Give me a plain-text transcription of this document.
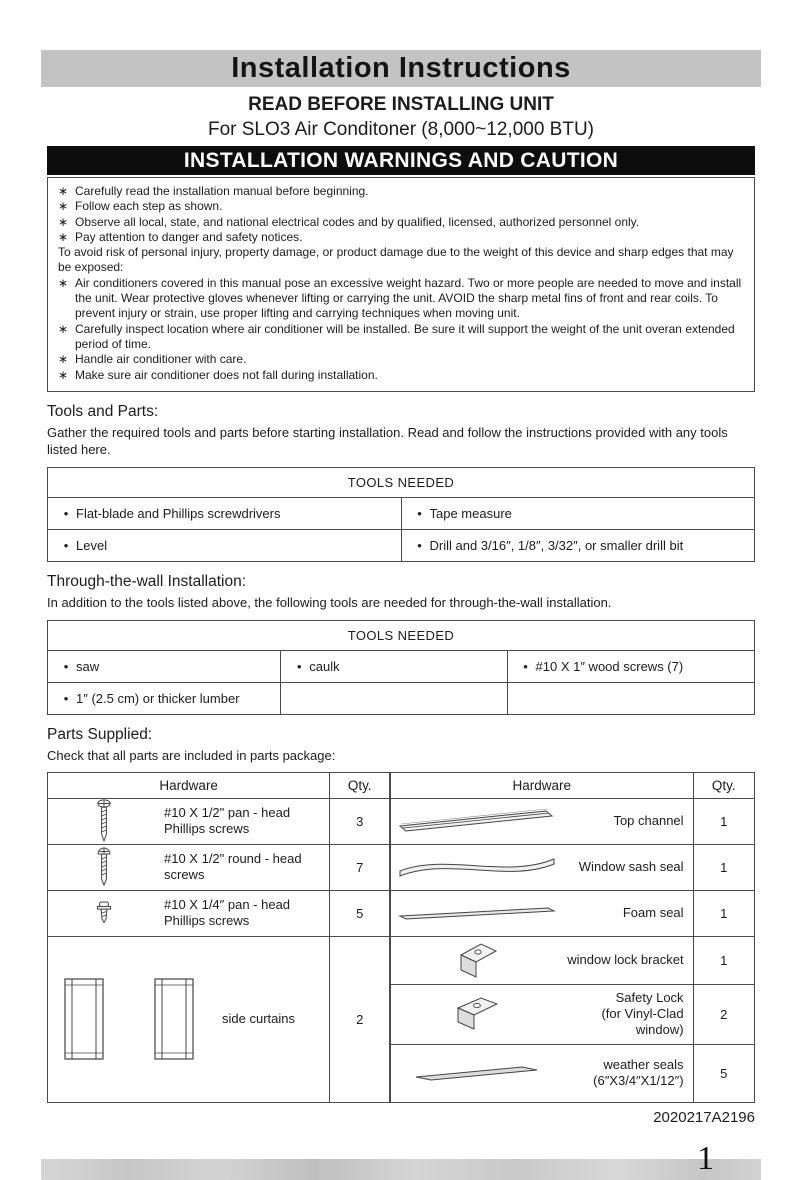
Installation Instructions
READ BEFORE INSTALLING UNIT
For SLO3 Air Conditoner (8,000~12,000 BTU)
INSTALLATION WARNINGS AND CAUTION
∗ Carefully read the installation manual before beginning.
∗ Follow each step as shown.
∗ Observe all local, state, and national electrical codes and by qualified, licensed, authorized personnel only.
∗ Pay attention to danger and safety notices.
To avoid risk of personal injury, property damage, or product damage due to the weight of this device and sharp edges that may be exposed:
∗ Air conditioners covered in this manual pose an excessive weight hazard. Two or more people are needed to move and install the unit. Wear protective gloves whenever lifting or carrying the unit. AVOID the sharp metal fins of front and rear coils. To prevent injury or strain, use proper lifting and carrying techniques when moving unit.
∗ Carefully inspect location where air conditioner will be installed. Be sure it will support the weight of the unit overan extended period of time.
∗ Handle air conditioner with care.
∗ Make sure air conditioner does not fall during installation.
Tools and Parts:
Gather the required tools and parts before starting installation. Read and follow the instructions provided with any tools listed here.
TOOLS NEEDED	
• Flat-blade and Phillips screwdrivers	• Tape measure
• Level	• Drill and 3/16″, 1/8″, 3/32″, or smaller drill bit
Through-the-wall Installation:
In addition to the tools listed above, the following tools are needed for through-the-wall installation.
TOOLS NEEDED		
• saw	• caulk	• #10 X 1″ wood screws (7)
• 1″ (2.5 cm) or thicker lumber		
Parts Supplied:
Check that all parts are included in parts package:
Hardware	Qty.

#10 X 1/2" pan - head Phillips screws	3

#10 X 1/2" round - head screws	7

#10 X 1/4″ pan - head Phillips screws	5

side curtains	2
Hardware	Qty.

Top channel	1

Window sash seal	1

Foam seal	1

window lock bracket	1

Safety Lock
(for Vinyl-Clad window)	2

weather seals
(6″X3/4″X1/12″)	5
2020217A2196
1
